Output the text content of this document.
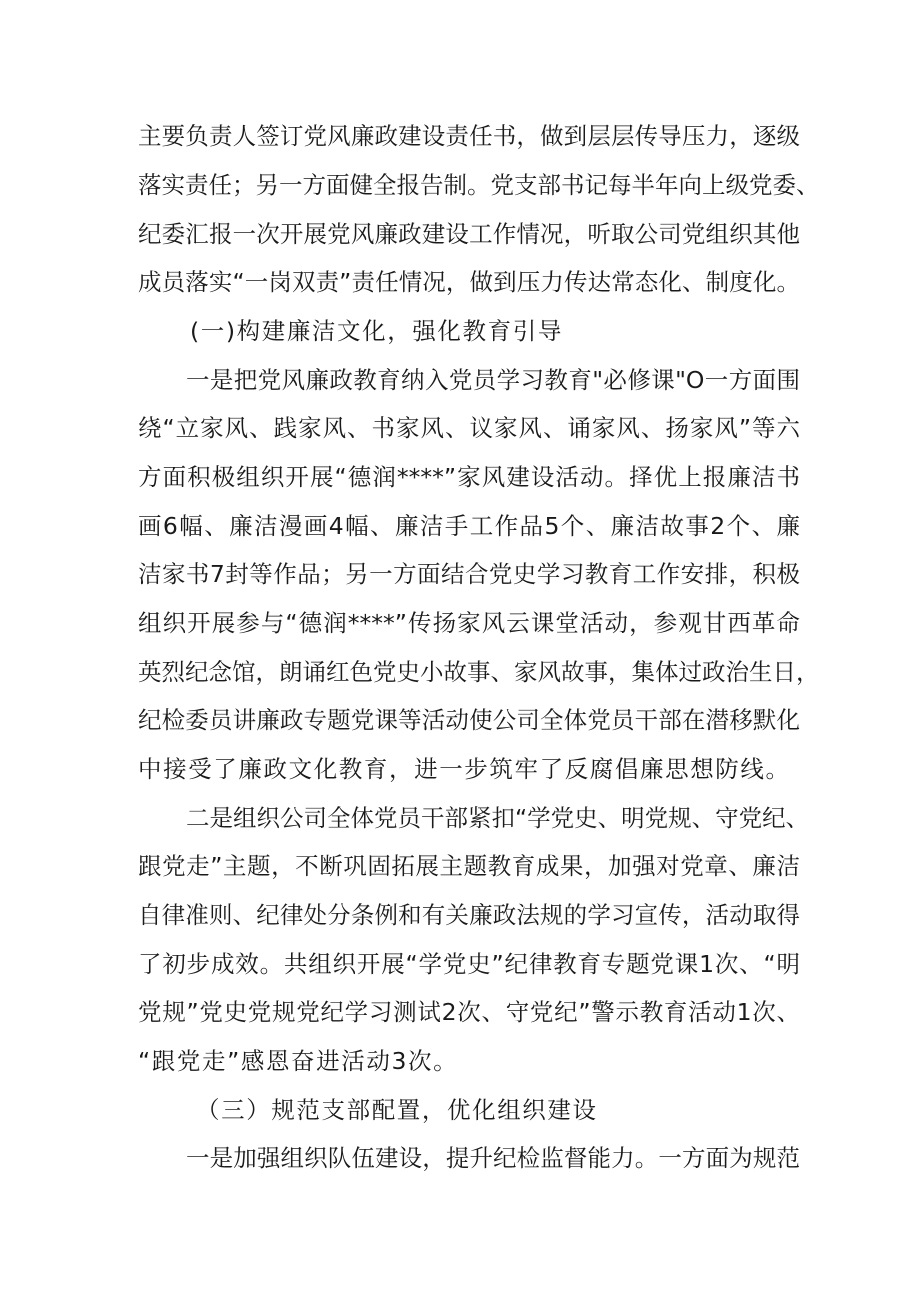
主要负责人签订党风廉政建设责任书，做到层层传导压力，逐级
落实责任；另一方面健全报告制。党支部书记每半年向上级党委、
纪委汇报一次开展党风廉政建设工作情况，听取公司党组织其他
成员落实“一岗双责”责任情况，做到压力传达常态化、制度化。
(一)构建廉洁文化，强化教育引导
一是把党风廉政教育纳入党员学习教育"必修课"O一方面围
绕“立家风、践家风、书家风、议家风、诵家风、扬家风”等六
方面积极组织开展“德润****”家风建设活动。择优上报廉洁书
画6幅、廉洁漫画4幅、廉洁手工作品5个、廉洁故事2个、廉
洁家书7封等作品；另一方面结合党史学习教育工作安排，积极
组织开展参与“德润****”传扬家风云课堂活动，参观甘西革命
英烈纪念馆，朗诵红色党史小故事、家风故事，集体过政治生日，
纪检委员讲廉政专题党课等活动使公司全体党员干部在潜移默化
中接受了廉政文化教育，进一步筑牢了反腐倡廉思想防线。
二是组织公司全体党员干部紧扣“学党史、明党规、守党纪、
跟党走”主题，不断巩固拓展主题教育成果，加强对党章、廉洁
自律准则、纪律处分条例和有关廉政法规的学习宣传，活动取得
了初步成效。共组织开展“学党史”纪律教育专题党课1次、“明
党规”党史党规党纪学习测试2次、守党纪”警示教育活动1次、
“跟党走”感恩奋进活动3次。
（三）规范支部配置，优化组织建设
一是加强组织队伍建设，提升纪检监督能力。一方面为规范
